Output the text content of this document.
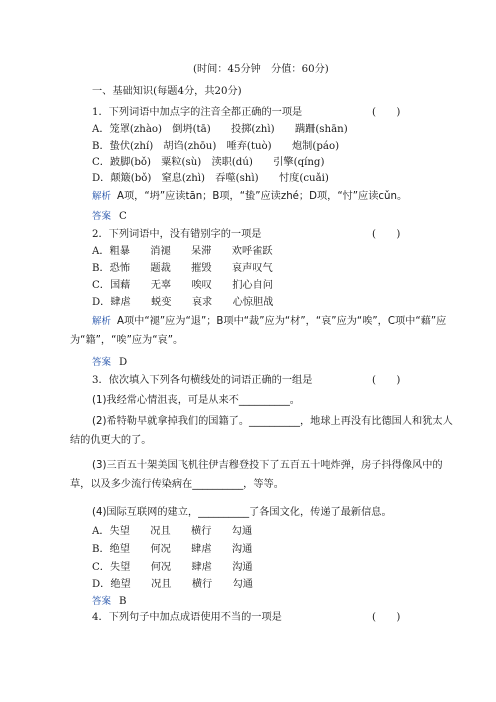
(时间：45分钟　分值：60分)
一、基础知识(每题4分，共20分)
1．下列词语中加点字的注音全都正确的一项是	(　　)
A．笼罩(zhào)　倒坍(tā)　　投掷(zhì)　　蹒跚(shān)
B．蛰伏(zhí)　胡诌(zhōu)　唾弃(tuò)　　炮制(páo)
C．跛脚(bǒ)　粟粒(sù)　渎职(dú)　　引擎(qíng)
D．颠簸(bǒ)　窒息(zhì)　吞噬(shì)　　忖度(cuǎi)
解析 A项，“坍”应读tān；B项，“蛰”应读zhé；D项，“忖”应读cǔn。
答案 C
2．下列词语中，没有错别字的一项是	(　　)
A．粗暴　　消褪　　呆滞　　欢呼雀跃
B．恐怖　　题裁　　摧毁　　哀声叹气
C．国藉　　无辜　　唉叹　　扪心自问
D．肆虐　　蜕变　　哀求　　心惊胆战
解析 A项中“褪”应为“退”；B项中“裁”应为“材”，“哀”应为“唉”，C项中“藉”应为“籍”，“唉”应为“哀”。
答案 D
3．依次填入下列各句横线处的词语正确的一组是	(　　)
(1)我经常心情沮丧，可是从来不__________。
(2)希特勒早就拿掉我们的国籍了。__________，地球上再没有比德国人和犹太人结的仇更大的了。
(3)三百五十架美国飞机往伊吉穆登投下了五百五十吨炸弹，房子抖得像风中的草，以及多少流行传染病在__________，等等。
(4)国际互联网的建立，__________了各国文化，传递了最新信息。
A．失望　　况且　　横行　　勾通
B．绝望　　何况　　肆虐　　沟通
C．失望　　何况　　肆虐　　沟通
D．绝望　　况且　　横行　　勾通
答案 B
4．下列句子中加点成语使用不当的一项是	(　　)
